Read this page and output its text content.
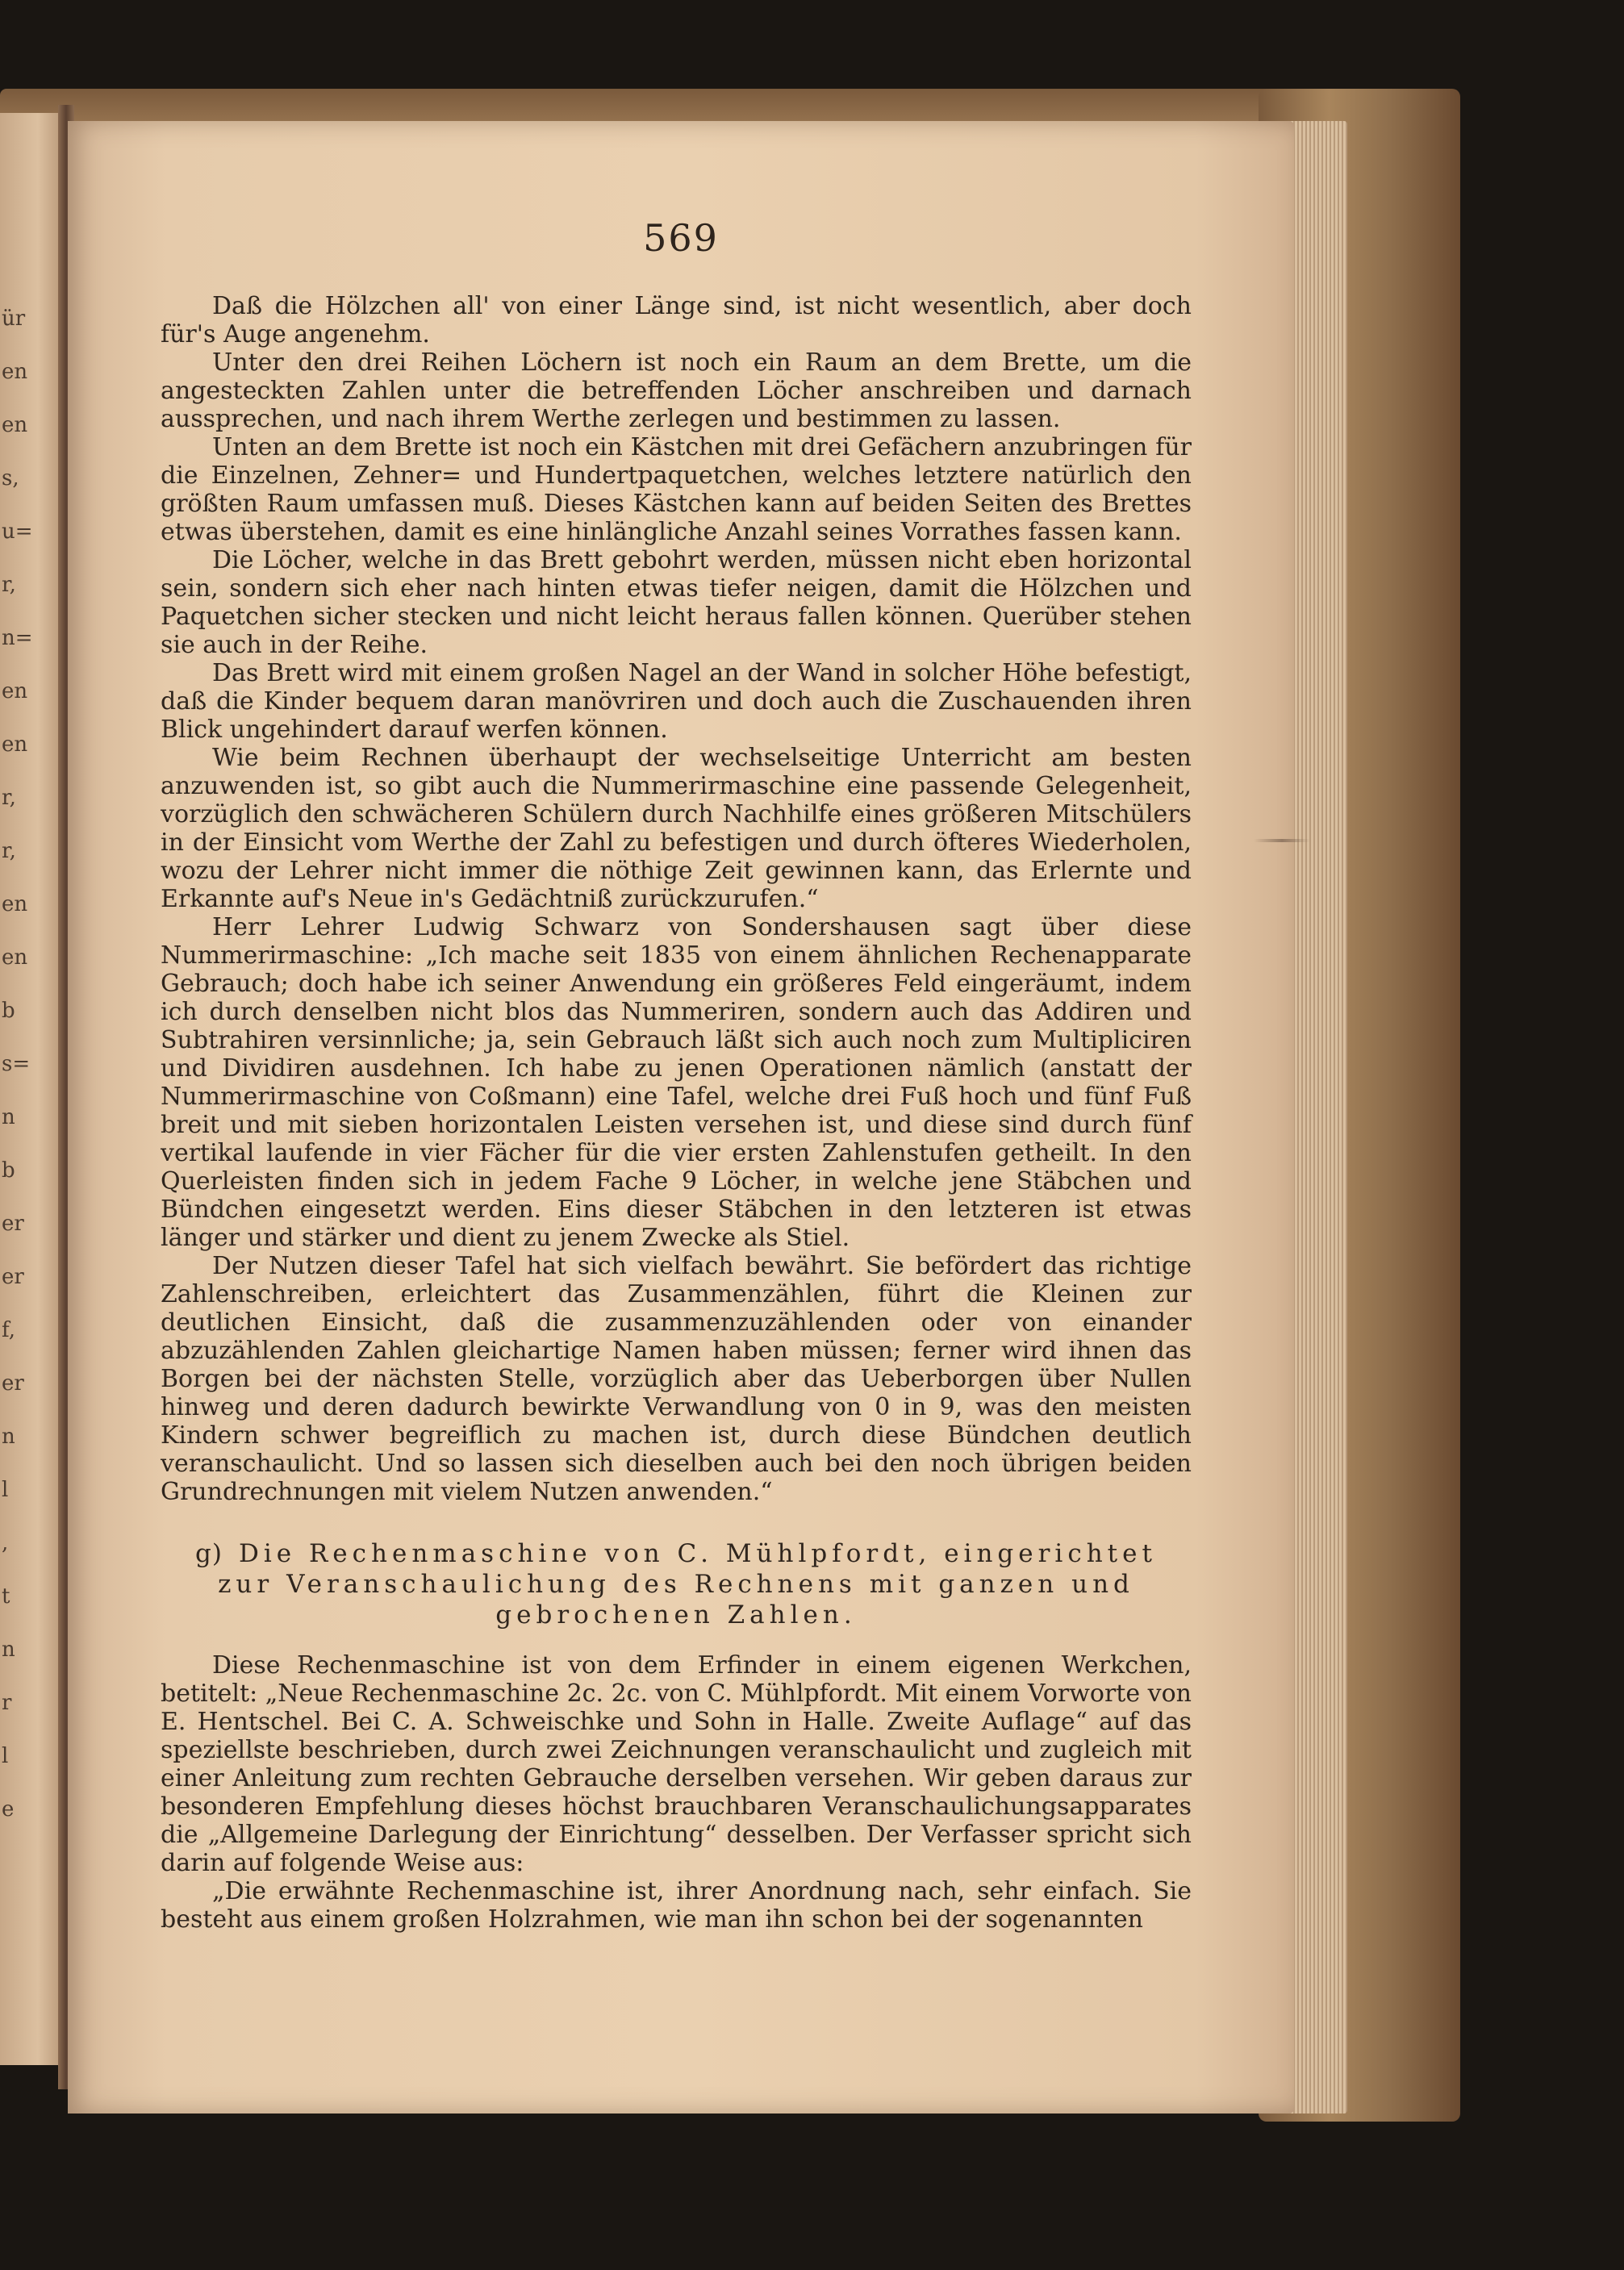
ür
en
en
s,
u=
r,
n=
en
en
r,
r,
en
en
b
s=
n
b
er
er
f,
er
n
l
,
t
n
r
l
e
569

Daß die Hölzchen all' von einer Länge sind, ist nicht wesentlich, aber doch für's Auge angenehm.

Unter den drei Reihen Löchern ist noch ein Raum an dem Brette, um die angesteckten Zahlen unter die betreffenden Löcher anschreiben und darnach aussprechen, und nach ihrem Werthe zerlegen und bestimmen zu lassen.

Unten an dem Brette ist noch ein Kästchen mit drei Gefächern anzubringen für die Einzelnen, Zehner= und Hundertpaquetchen, welches letztere natürlich den größten Raum umfassen muß. Dieses Kästchen kann auf beiden Seiten des Brettes etwas überstehen, damit es eine hinlängliche Anzahl seines Vorrathes fassen kann.

Die Löcher, welche in das Brett gebohrt werden, müssen nicht eben horizontal sein, sondern sich eher nach hinten etwas tiefer neigen, damit die Hölzchen und Paquetchen sicher stecken und nicht leicht heraus fallen können. Querüber stehen sie auch in der Reihe.

Das Brett wird mit einem großen Nagel an der Wand in solcher Höhe befestigt, daß die Kinder bequem daran manövriren und doch auch die Zuschauenden ihren Blick ungehindert darauf werfen können.

Wie beim Rechnen überhaupt der wechselseitige Unterricht am besten anzuwenden ist, so gibt auch die Nummerirmaschine eine passende Gelegenheit, vorzüglich den schwächeren Schülern durch Nachhilfe eines größeren Mitschülers in der Einsicht vom Werthe der Zahl zu befestigen und durch öfteres Wiederholen, wozu der Lehrer nicht immer die nöthige Zeit gewinnen kann, das Erlernte und Erkannte auf's Neue in's Gedächtniß zurückzurufen.“

Herr Lehrer Ludwig Schwarz von Sondershausen sagt über diese Nummerirmaschine: „Ich mache seit 1835 von einem ähnlichen Rechenapparate Gebrauch; doch habe ich seiner Anwendung ein größeres Feld eingeräumt, indem ich durch denselben nicht blos das Nummeriren, sondern auch das Addiren und Subtrahiren versinnliche; ja, sein Gebrauch läßt sich auch noch zum Multipliciren und Dividiren ausdehnen. Ich habe zu jenen Operationen nämlich (anstatt der Nummerirmaschine von Coßmann) eine Tafel, welche drei Fuß hoch und fünf Fuß breit und mit sieben horizontalen Leisten versehen ist, und diese sind durch fünf vertikal laufende in vier Fächer für die vier ersten Zahlenstufen getheilt. In den Querleisten finden sich in jedem Fache 9 Löcher, in welche jene Stäbchen und Bündchen eingesetzt werden. Eins dieser Stäbchen in den letzteren ist etwas länger und stärker und dient zu jenem Zwecke als Stiel.

Der Nutzen dieser Tafel hat sich vielfach bewährt. Sie befördert das richtige Zahlenschreiben, erleichtert das Zusammenzählen, führt die Kleinen zur deutlichen Einsicht, daß die zusammenzuzählenden oder von einander abzuzählenden Zahlen gleichartige Namen haben müssen; ferner wird ihnen das Borgen bei der nächsten Stelle, vorzüglich aber das Ueberborgen über Nullen hinweg und deren dadurch bewirkte Verwandlung von 0 in 9, was den meisten Kindern schwer begreiflich zu machen ist, durch diese Bündchen deutlich veranschaulicht. Und so lassen sich dieselben auch bei den noch übrigen beiden Grundrechnungen mit vielem Nutzen anwenden.“

g) Die Rechenmaschine von C. Mühlpfordt, eingerichtet
zur Veranschaulichung des Rechnens mit ganzen und
gebrochenen Zahlen.

Diese Rechenmaschine ist von dem Erfinder in einem eigenen Werkchen, betitelt: „Neue Rechenmaschine 2c. 2c. von C. Mühlpfordt. Mit einem Vorworte von E. Hentschel. Bei C. A. Schweischke und Sohn in Halle. Zweite Auflage“ auf das speziellste beschrieben, durch zwei Zeichnungen veranschaulicht und zugleich mit einer Anleitung zum rechten Gebrauche derselben versehen. Wir geben daraus zur besonderen Empfehlung dieses höchst brauchbaren Veranschaulichungsapparates die „Allgemeine Darlegung der Einrichtung“ desselben. Der Verfasser spricht sich darin auf folgende Weise aus:

„Die erwähnte Rechenmaschine ist, ihrer Anordnung nach, sehr einfach. Sie besteht aus einem großen Holzrahmen, wie man ihn schon bei der sogenannten
